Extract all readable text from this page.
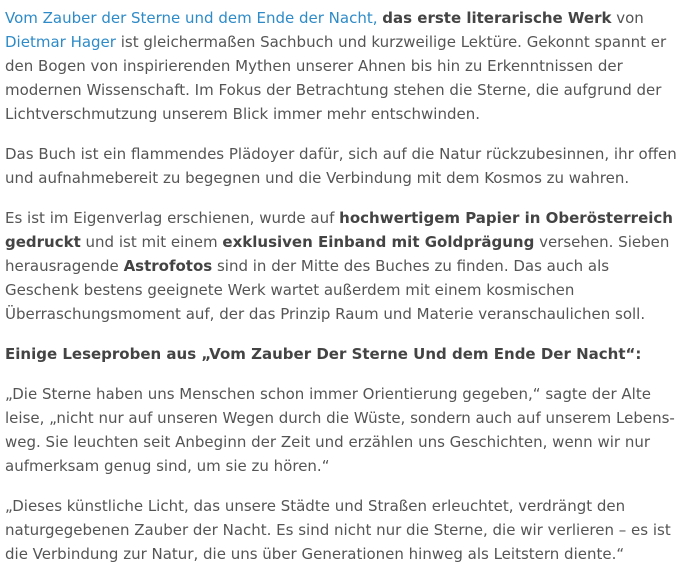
Vom Zauber der Sterne und dem Ende der Nacht, das erste literarische Werk von Dietmar Hager ist gleichermaßen Sachbuch und kurzweilige Lektüre. Gekonnt spannt er den Bogen von inspirierenden Mythen unserer Ahnen bis hin zu Erkenntnissen der modernen Wissenschaft. Im Fokus der Betrachtung stehen die Sterne, die aufgrund der Lichtverschmutzung unserem Blick immer mehr entschwinden.

Das Buch ist ein flammendes Plädoyer dafür, sich auf die Natur rückzubesinnen, ihr offen und aufnahmebereit zu begegnen und die Verbindung mit dem Kosmos zu wahren.

Es ist im Eigenverlag erschienen, wurde auf hochwertigem Papier in Oberösterreich gedruckt und ist mit einem exklusiven Einband mit Goldprägung versehen. Sieben herausragende Astrofotos sind in der Mitte des Buches zu finden. Das auch als Geschenk bestens geeignete Werk wartet außerdem mit einem kosmischen Überraschungsmoment auf, der das Prinzip Raum und Materie veranschaulichen soll.

Einige Leseproben aus „Vom Zauber Der Sterne Und dem Ende Der Nacht“:

„Die Sterne haben uns Menschen schon immer Orientierung gegeben,“ sagte der Alte leise, „nicht nur auf unseren Wegen durch die Wüste, sondern auch auf unserem Lebens-weg. Sie leuchten seit Anbeginn der Zeit und erzählen uns Geschichten, wenn wir nur aufmerksam genug sind, um sie zu hören.“

„Dieses künstliche Licht, das unsere Städte und Straßen erleuchtet, verdrängt den naturgegebenen Zauber der Nacht. Es sind nicht nur die Sterne, die wir verlieren – es ist die Verbindung zur Natur, die uns über Generationen hinweg als Leitstern diente.“
